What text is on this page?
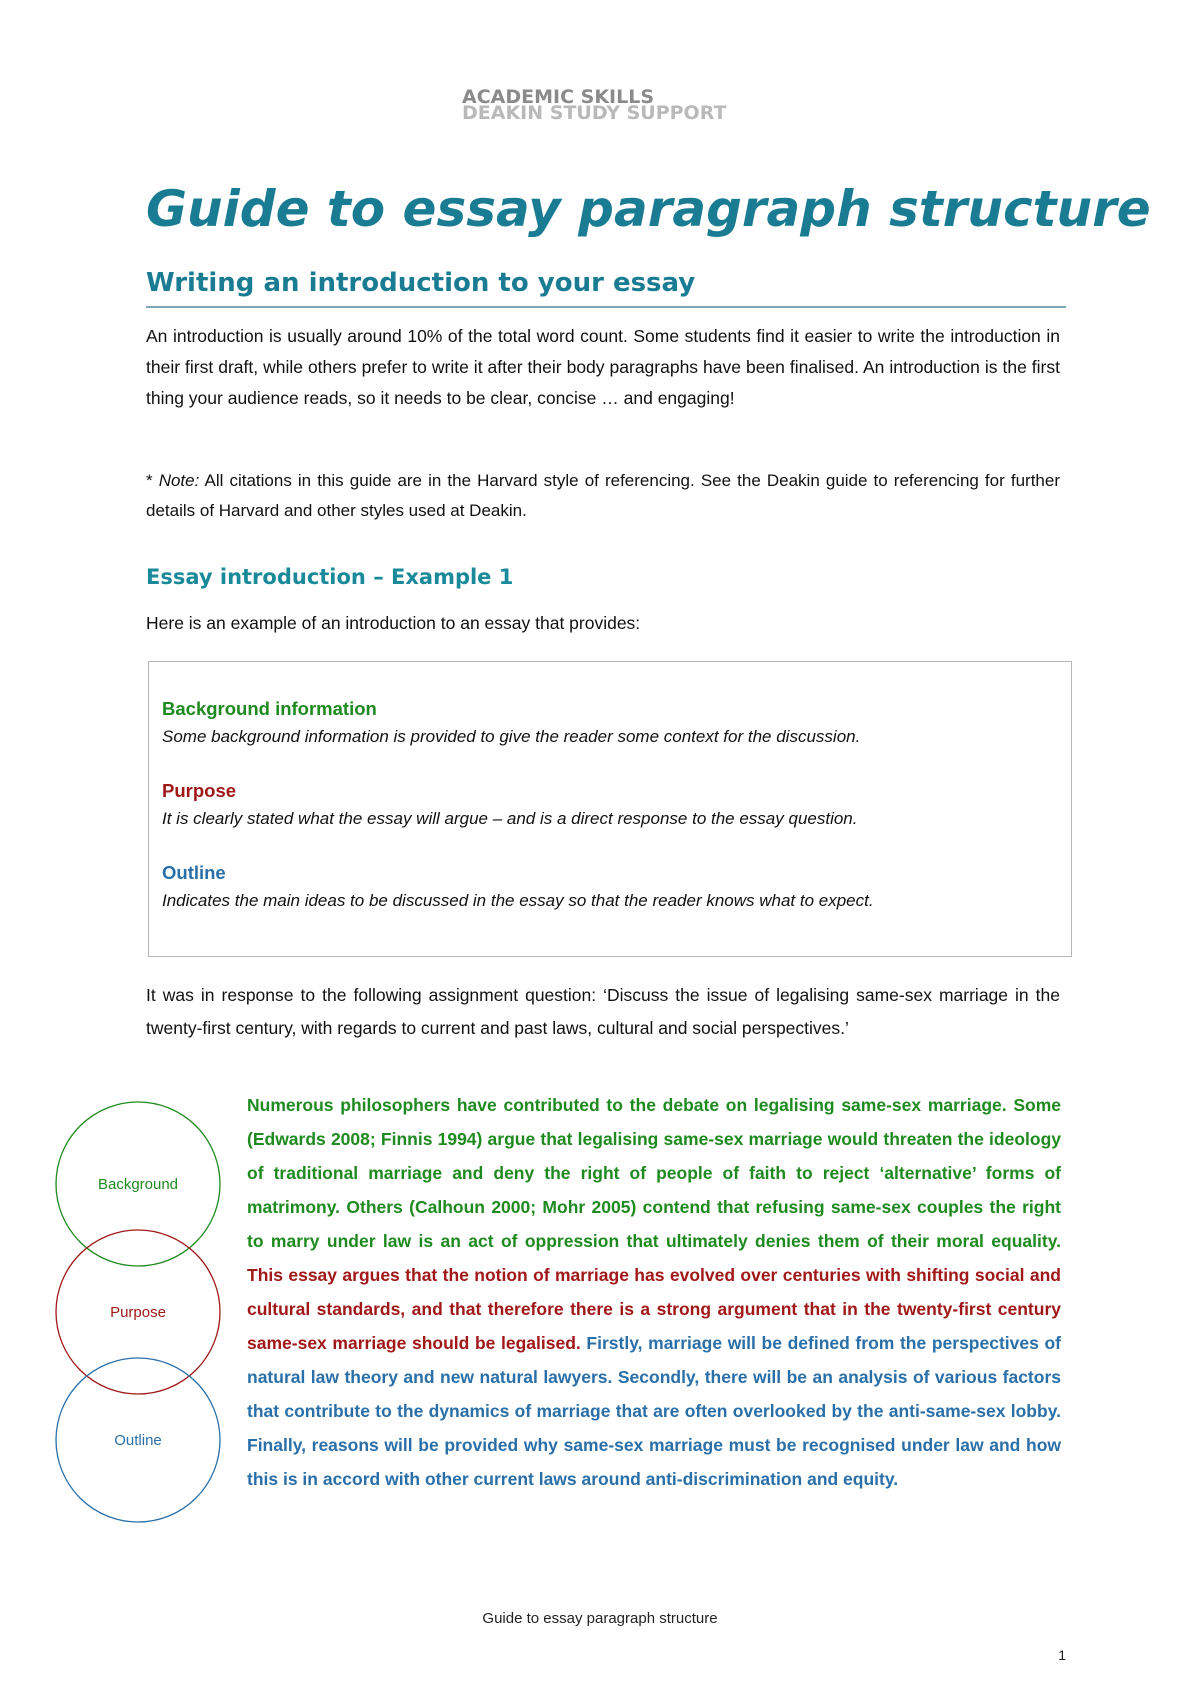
ACADEMIC SKILLS
DEAKIN STUDY SUPPORT
Guide to essay paragraph structure
Writing an introduction to your essay

An introduction is usually around 10% of the total word count. Some students find it easier to write the introduction in their first draft, while others prefer to write it after their body paragraphs have been finalised. An introduction is the first thing your audience reads, so it needs to be clear, concise … and engaging!

* Note: All citations in this guide are in the Harvard style of referencing. See the Deakin guide to referencing for further details of Harvard and other styles used at Deakin.

Essay introduction – Example 1

Here is an example of an introduction to an essay that provides:

Background information
Some background information is provided to give the reader some context for the discussion.
Purpose
It is clearly stated what the essay will argue – and is a direct response to the essay question.
Outline
Indicates the main ideas to be discussed in the essay so that the reader knows what to expect.

It was in response to the following assignment question: ‘Discuss the issue of legalising same-sex marriage in the twenty-first century, with regards to current and past laws, cultural and social perspectives.’

Background
Purpose
Outline

Numerous philosophers have contributed to the debate on legalising same-sex marriage. Some (Edwards 2008; Finnis 1994) argue that legalising same-sex marriage would threaten the ideology of traditional marriage and deny the right of people of faith to reject ‘alternative’ forms of matrimony. Others (Calhoun 2000; Mohr 2005) contend that refusing same-sex couples the right to marry under law is an act of oppression that ultimately denies them of their moral equality. This essay argues that the notion of marriage has evolved over centuries with shifting social and cultural standards, and that therefore there is a strong argument that in the twenty-first century same-sex marriage should be legalised. Firstly, marriage will be defined from the perspectives of natural law theory and new natural lawyers. Secondly, there will be an analysis of various factors that contribute to the dynamics of marriage that are often overlooked by the anti-same-sex lobby. Finally, reasons will be provided why same-sex marriage must be recognised under law and how this is in accord with other current laws around anti-discrimination and equity.

Guide to essay paragraph structure

1
